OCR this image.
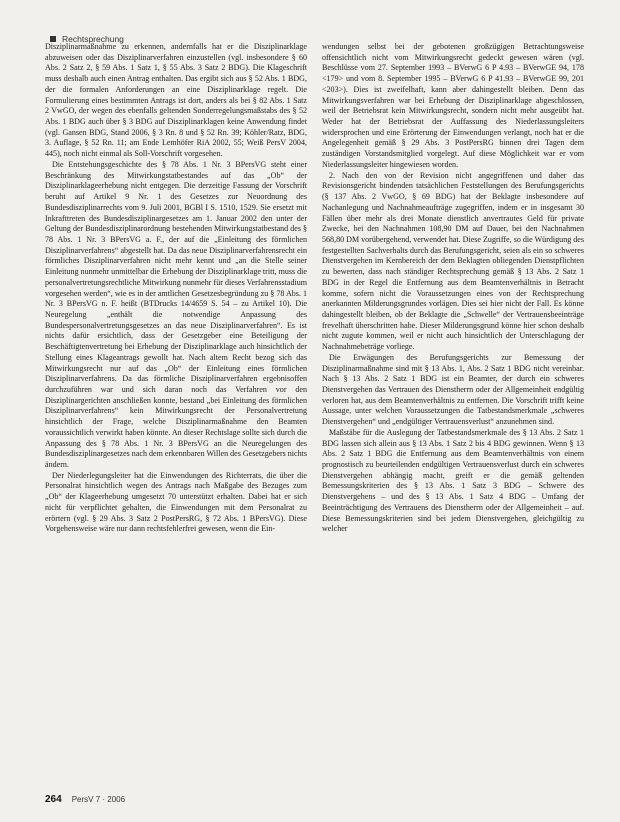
Rechtsprechung

Disziplinarmaßnahme zu erkennen, andernfalls hat er die Disziplinarklage abzuweisen oder das Disziplinarverfahren einzustellen (vgl. insbesondere § 60 Abs. 2 Satz 2, § 59 Abs. 1 Satz 1, § 55 Abs. 3 Satz 2 BDG). Die Klageschrift muss deshalb auch einen Antrag enthalten. Das ergibt sich aus § 52 Abs. 1 BDG, der die formalen Anforderungen an eine Disziplinarklage regelt. Die Formulierung eines bestimmten Antrags ist dort, anders als bei § 82 Abs. 1 Satz 2 VwGO, der wegen des ebenfalls geltenden Sonderregelungsmaßstabs des § 52 Abs. 1 BDG auch über § 3 BDG auf Disziplinarklagen keine Anwendung findet (vgl. Gansen BDG, Stand 2006, § 3 Rn. 8 und § 52 Rn. 39; Köhler/Ratz, BDG, 3. Auflage, § 52 Rn. 11; am Ende Lemhöfer RiA 2002, 55; Weiß PersV 2004, 445), noch nicht einmal als Soll-Vorschrift vorgesehen.

Die Entstehungsgeschichte des § 78 Abs. 1 Nr. 3 BPersVG steht einer Beschränkung des Mitwirkungstatbestandes auf das „Ob“ der Disziplinarklageerhebung nicht entgegen. Die derzeitige Fassung der Vorschrift beruht auf Artikel 9 Nr. 1 des Gesetzes zur Neuordnung des Bundesdisziplinarrechts vom 9. Juli 2001, BGBl I S. 1510, 1529. Sie ersetzt mit Inkrafttreten des Bundesdisziplinargesetzes am 1. Januar 2002 den unter der Geltung der Bundesdisziplinarordnung bestehenden Mitwirkungstatbestand des § 78 Abs. 1 Nr. 3 BPersVG a. F., der auf die „Einleitung des förmlichen Disziplinarverfahrens“ abgestellt hat. Da das neue Disziplinarverfahrensrecht ein förmliches Disziplinarverfahren nicht mehr kennt und „an die Stelle seiner Einleitung nunmehr unmittelbar die Erhebung der Disziplinarklage tritt, muss die personalvertretungsrechtliche Mitwirkung nunmehr für dieses Verfahrensstadium vorgesehen werden“, wie es in der amtlichen Gesetzesbegründung zu § 78 Abs. 1 Nr. 3 BPersVG n. F. heißt (BTDrucks 14/4659 S. 54 – zu Artikel 10). Die Neuregelung „enthält die notwendige Anpassung des Bundespersonalvertretungsgesetzes an das neue Disziplinarverfahren“. Es ist nichts dafür ersichtlich, dass der Gesetzgeber eine Beteiligung der Beschäftigtenvertretung bei Erhebung der Disziplinarklage auch hinsichtlich der Stellung eines Klageantrags gewollt hat. Nach altem Recht bezog sich das Mitwirkungsrecht nur auf das „Ob“ der Einleitung eines förmlichen Disziplinarverfahrens. Da das förmliche Disziplinarverfahren ergebnisoffen durchzuführen war und sich daran noch das Verfahren vor den Disziplinargerichten anschließen konnte, bestand „bei Einleitung des förmlichen Disziplinarverfahrens“ kein Mitwirkungsrecht der Personalvertretung hinsichtlich der Frage, welche Disziplinarmaßnahme den Beamten voraussichtlich verwirkt haben könnte. An dieser Rechtslage sollte sich durch die Anpassung des § 78 Abs. 1 Nr. 3 BPersVG an die Neuregelungen des Bundesdisziplinargesetzes nach dem erkennbaren Willen des Gesetzgebers nichts ändern.

Der Niederlegungsleiter hat die Einwendungen des Richterrats, die über die Personalrat hinsichtlich wegen des Antrags nach Maßgabe des Bezuges zum „Ob“ der Klageerhebung umgesetzt 70 unterstützt erhalten. Dabei hat er sich nicht für verpflichtet gehalten, die Einwendungen mit dem Personalrat zu erörtern (vgl. § 29 Abs. 3 Satz 2 PostPersRG, § 72 Abs. 1 BPersVG). Diese Vorgehensweise wäre nur dann rechtsfehlerfrei gewesen, wenn die Ein-

wendungen selbst bei der gebotenen großzügigen Betrachtungsweise offensichtlich nicht vom Mitwirkungsrecht gedeckt gewesen wären (vgl. Beschlüsse vom 27. September 1993 – BVerwG 6 P 4.93 – BVerwGE 94, 178 <179> und vom 8. September 1995 – BVerwG 6 P 41.93 – BVerwGE 99, 201 <203>). Dies ist zweifelhaft, kann aber dahingestellt bleiben. Denn das Mitwirkungsverfahren war bei Erhebung der Disziplinarklage abgeschlossen, weil der Betriebsrat kein Mitwirkungsrecht, sondern nicht mehr ausgeübt hat. Weder hat der Betriebsrat der Auffassung des Niederlassungsleiters widersprochen und eine Erörterung der Einwendungen verlangt, noch hat er die Angelegenheit gemäß § 29 Abs. 3 PostPersRG binnen drei Tagen dem zuständigen Vorstandsmitglied vorgelegt. Auf diese Möglichkeit war er vom Niederlassungsleiter hingewiesen worden.

2. Nach den von der Revision nicht angegriffenen und daher das Revisionsgericht bindenden tatsächlichen Feststellungen des Berufungsgerichts (§ 137 Abs. 2 VwGO, § 69 BDG) hat der Beklagte insbesondere auf Nachanlegung und Nachnahmeaufträge zugegriffen, indem er in insgesamt 30 Fällen über mehr als drei Monate dienstlich anvertrautes Geld für private Zwecke, bei den Nachnahmen 108,90 DM auf Dauer, bei den Nachnahmen 568,80 DM vorübergehend, verwendet hat. Diese Zugriffe, so die Würdigung des festgestellten Sachverhalts durch das Berufungsgericht, seien als ein so schweres Dienstvergehen im Kernbereich der dem Beklagten obliegenden Dienstpflichten zu bewerten, dass nach ständiger Rechtsprechung gemäß § 13 Abs. 2 Satz 1 BDG in der Regel die Entfernung aus dem Beamtenverhältnis in Betracht komme, sofern nicht die Voraussetzungen eines von der Rechtsprechung anerkannten Milderungsgrundes vorlägen. Dies sei hier nicht der Fall. Es könne dahingestellt bleiben, ob der Beklagte die „Schwelle“ der Vertrauensbeeinträge frevelhaft überschritten habe. Dieser Milderungsgrund könne hier schon deshalb nicht zugute kommen, weil er nicht auch hinsichtlich der Unterschlagung der Nachnahmebeträge vorliege.

Die Erwägungen des Berufungsgerichts zur Bemessung der Disziplinarmaßnahme sind mit § 13 Abs. 1, Abs. 2 Satz 1 BDG nicht vereinbar. Nach § 13 Abs. 2 Satz 1 BDG ist ein Beamter, der durch ein schweres Dienstvergehen das Vertrauen des Dienstherrn oder der Allgemeinheit endgültig verloren hat, aus dem Beamtenverhältnis zu entfernen. Die Vorschrift trifft keine Aussage, unter welchen Voraussetzungen die Tatbestandsmerkmale „schweres Dienstvergehen“ und „endgültiger Vertrauensverlust“ anzunehmen sind.

Maßstäbe für die Auslegung der Tatbestandsmerkmale des § 13 Abs. 2 Satz 1 BDG lassen sich allein aus § 13 Abs. 1 Satz 2 bis 4 BDG gewinnen. Wenn § 13 Abs. 2 Satz 1 BDG die Entfernung aus dem Beamtenverhältnis von einem prognostisch zu beurteilenden endgültigen Vertrauensverlust durch ein schweres Dienstvergehen abhängig macht, greift er die gemäß geltenden Bemessungskriterien des § 13 Abs. 1 Satz 3 BDG – Schwere des Dienstvergehens – und des § 13 Abs. 1 Satz 4 BDG – Umfang der Beeinträchtigung des Vertrauens des Dienstherrn oder der Allgemeinheit – auf. Diese Bemessungskriterien sind bei jedem Dienstvergehen, gleichgültig zu welcher

264 PersV 7 · 2006
